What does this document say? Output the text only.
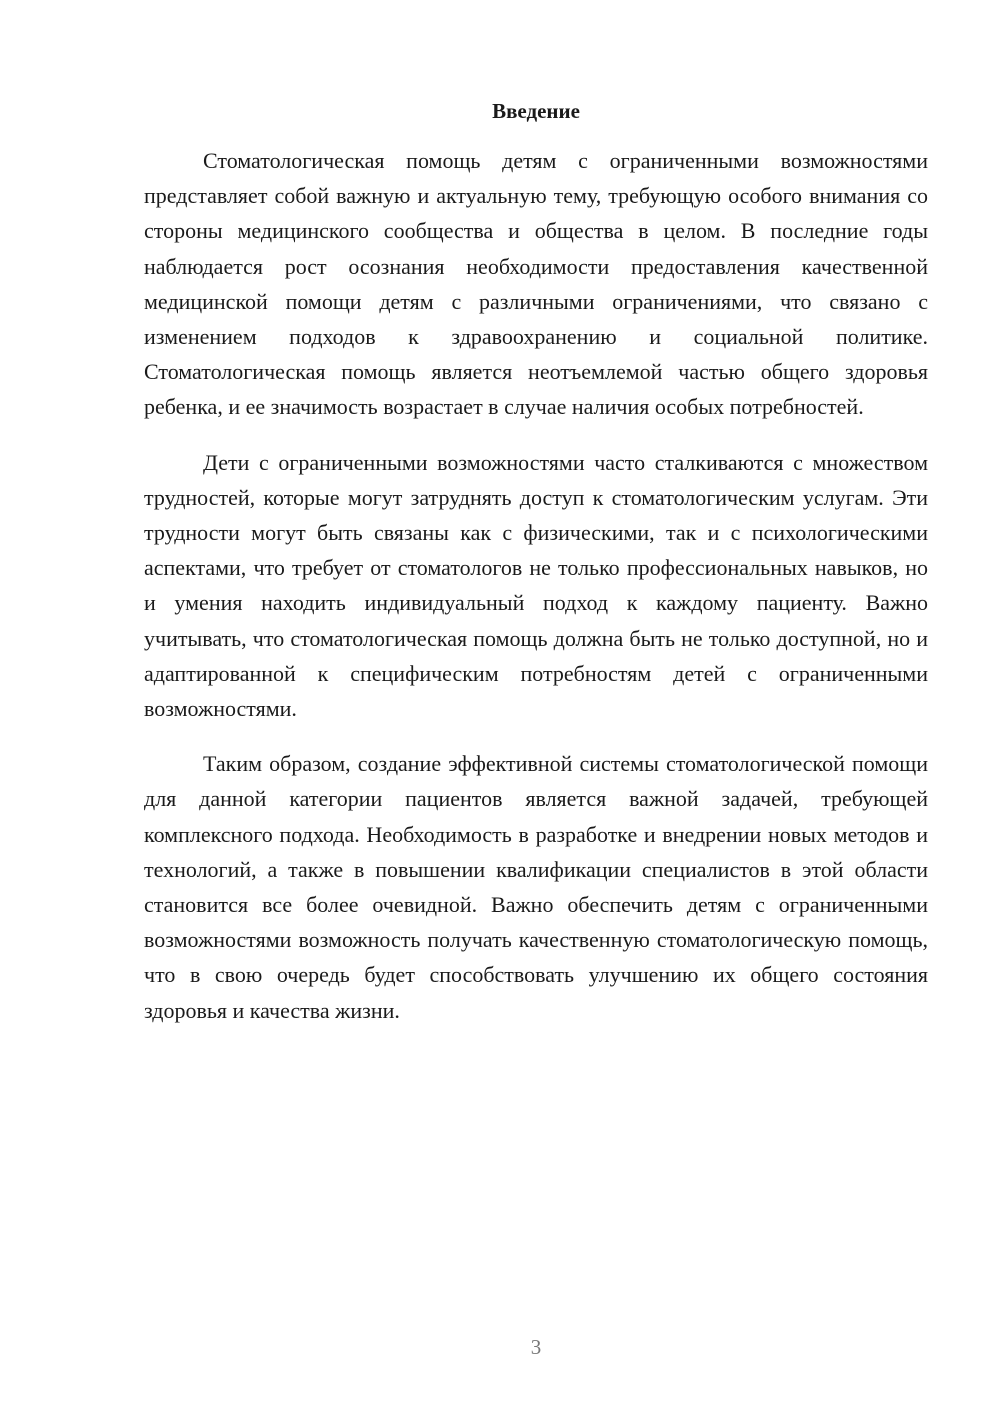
Введение

Стоматологическая помощь детям с ограниченными возможностями представляет собой важную и актуальную тему, требующую особого внимания со стороны медицинского сообщества и общества в целом. В последние годы наблюдается рост осознания необходимости предоставления качественной медицинской помощи детям с различными ограничениями, что связано с изменением подходов к здравоохранению и социальной политике. Стоматологическая помощь является неотъемлемой частью общего здоровья ребенка, и ее значимость возрастает в случае наличия особых потребностей.

Дети с ограниченными возможностями часто сталкиваются с множеством трудностей, которые могут затруднять доступ к стоматологическим услугам. Эти трудности могут быть связаны как с физическими, так и с психологическими аспектами, что требует от стоматологов не только профессиональных навыков, но и умения находить индивидуальный подход к каждому пациенту. Важно учитывать, что стоматологическая помощь должна быть не только доступной, но и адаптированной к специфическим потребностям детей с ограниченными возможностями.

Таким образом, создание эффективной системы стоматологической помощи для данной категории пациентов является важной задачей, требующей комплексного подхода. Необходимость в разработке и внедрении новых методов и технологий, а также в повышении квалификации специалистов в этой области становится все более очевидной. Важно обеспечить детям с ограниченными возможностями возможность получать качественную стоматологическую помощь, что в свою очередь будет способствовать улучшению их общего состояния здоровья и качества жизни.

3
